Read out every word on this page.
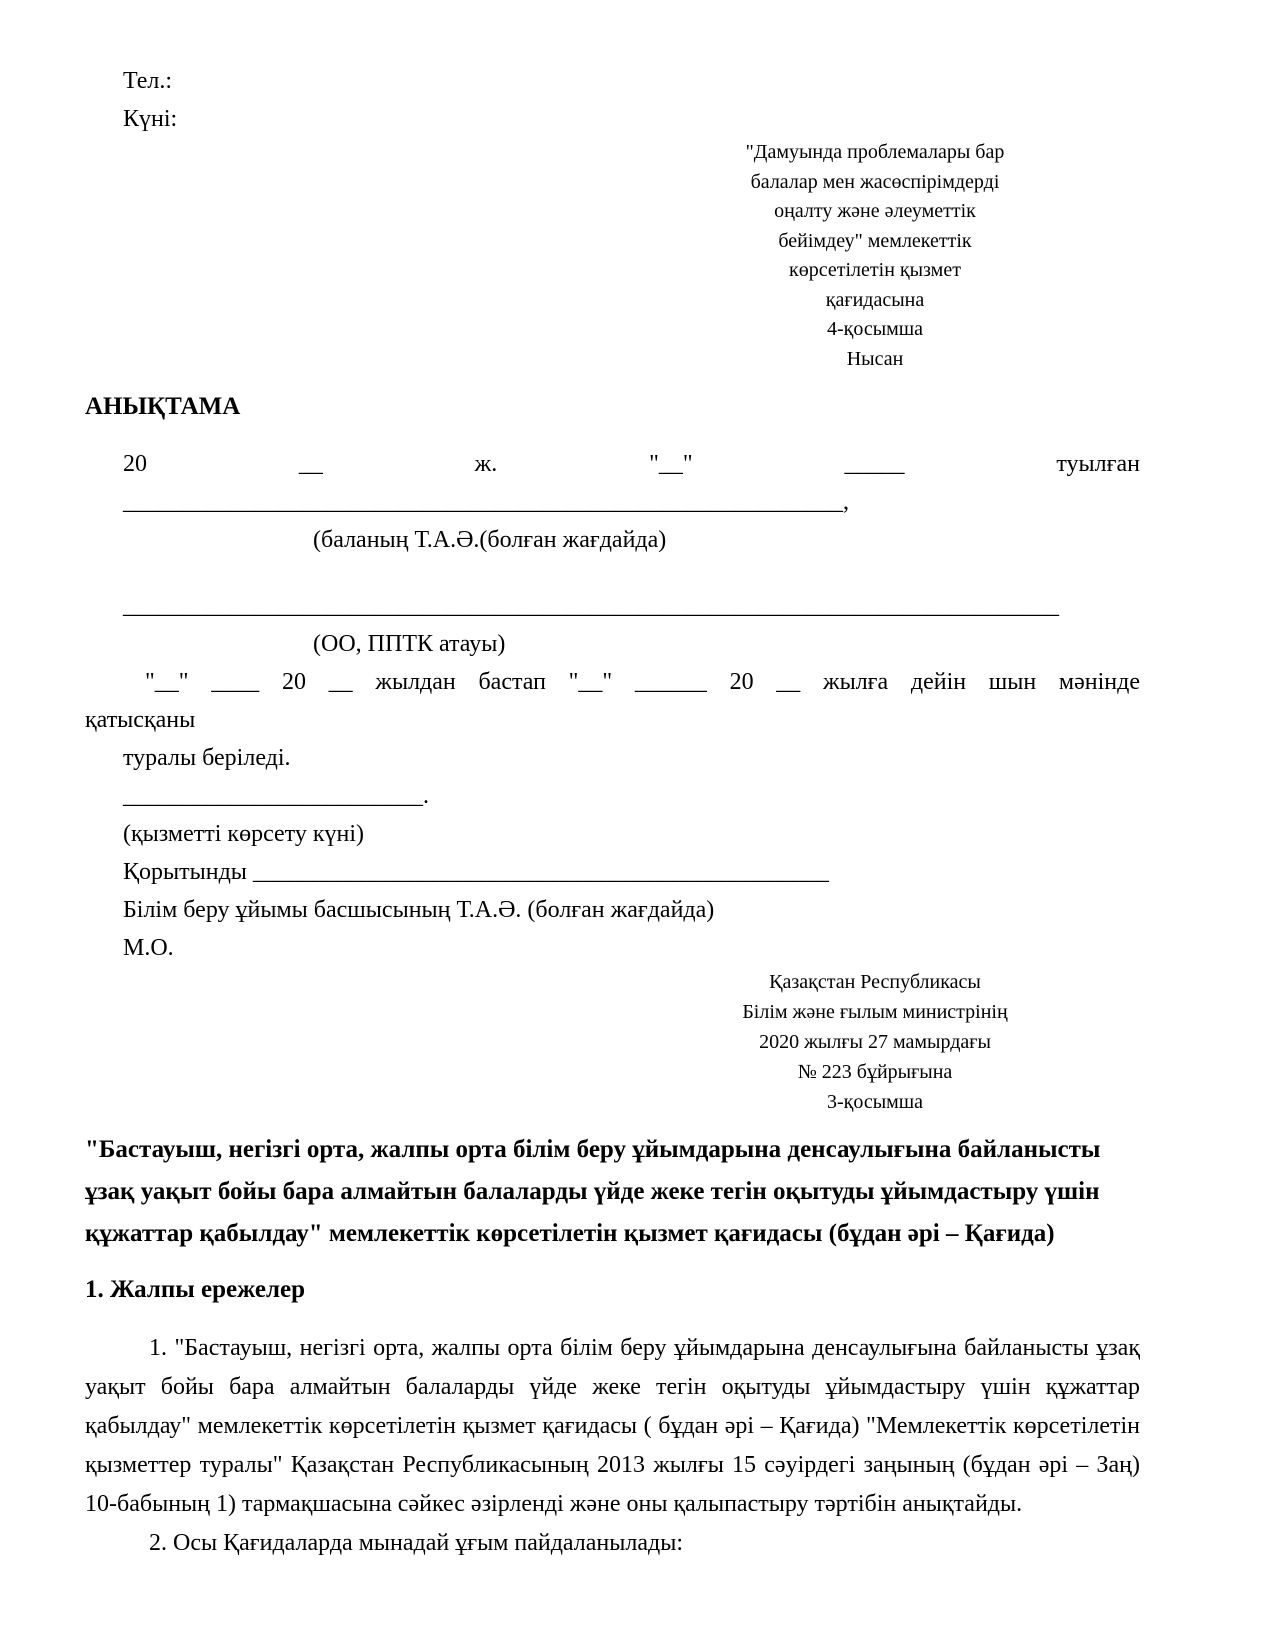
Тел.:
Күні:
"Дамуында проблемалары бар
балалар мен жасөспірімдерді
оңалту және әлеуметтік
бейімдеу" мемлекеттік
көрсетілетін қызмет
қағидасына
4-қосымша
Нысан
АНЫҚТАМА
20 __ ж. "__" _____ туылған ____________________________________________________________,
(баланың Т.А.Ә.(болған жағдайда)
______________________________________________________________________________
(ОО, ППТК атауы)
"__" ____ 20 __ жылдан бастап "__" ______ 20 __ жылға дейін шын мәнінде
қатысқаны
туралы беріледі.
_________________________.
(қызметті көрсету күні)
Қорытынды ________________________________________________
Білім беру ұйымы басшысының Т.А.Ә. (болған жағдайда)
М.О.
Қазақстан Республикасы
Білім және ғылым министрінің
2020 жылғы 27 мамырдағы
№ 223 бұйрығына
3-қосымша
"Бастауыш, негізгі орта, жалпы орта білім беру ұйымдарына денсаулығына байланысты ұзақ уақыт бойы бара алмайтын балаларды үйде жеке тегін оқытуды ұйымдастыру үшін құжаттар қабылдау" мемлекеттік көрсетілетін қызмет қағидасы (бұдан әрі – Қағида)
1. Жалпы ережелер
1. "Бастауыш, негізгі орта, жалпы орта білім беру ұйымдарына денсаулығына байланысты ұзақ уақыт бойы бара алмайтын балаларды үйде жеке тегін оқытуды ұйымдастыру үшін құжаттар қабылдау" мемлекеттік көрсетілетін қызмет қағидасы ( бұдан әрі – Қағида) "Мемлекеттік көрсетілетін қызметтер туралы" Қазақстан Республикасының 2013 жылғы 15 сәуірдегі заңының (бұдан әрі – Заң) 10-бабының 1) тармақшасына сәйкес әзірленді және оны қалыпастыру тәртібін анықтайды.
2. Осы Қағидаларда мынадай ұғым пайдаланылады:
